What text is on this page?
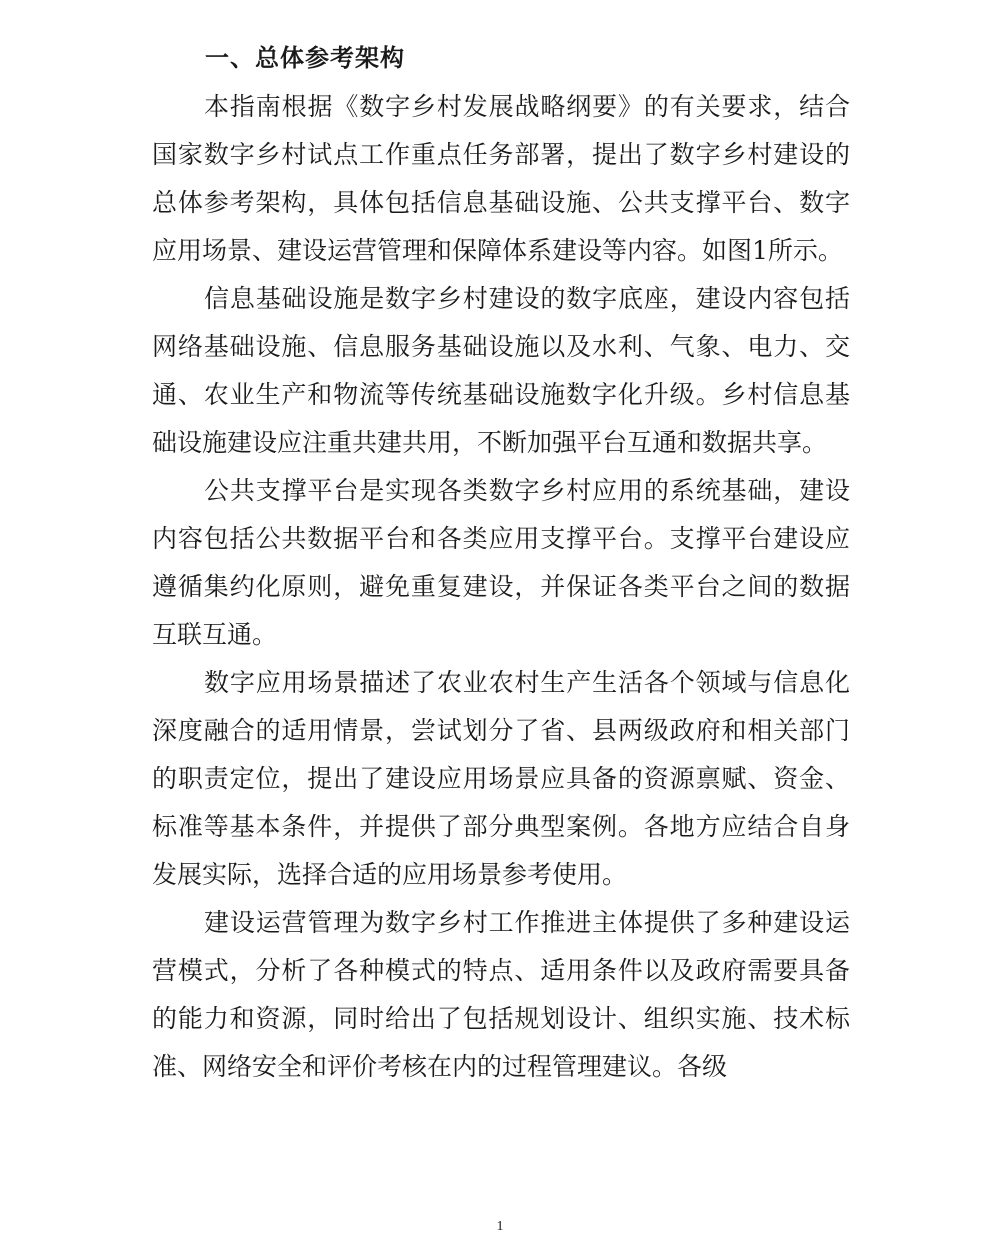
一、总体参考架构

本指南根据《数字乡村发展战略纲要》的有关要求，结合国家数字乡村试点工作重点任务部署，提出了数字乡村建设的总体参考架构，具体包括信息基础设施、公共支撑平台、数字应用场景、建设运营管理和保障体系建设等内容。如图1所示。

信息基础设施是数字乡村建设的数字底座，建设内容包括网络基础设施、信息服务基础设施以及水利、气象、电力、交通、农业生产和物流等传统基础设施数字化升级。乡村信息基础设施建设应注重共建共用，不断加强平台互通和数据共享。

公共支撑平台是实现各类数字乡村应用的系统基础，建设内容包括公共数据平台和各类应用支撑平台。支撑平台建设应遵循集约化原则，避免重复建设，并保证各类平台之间的数据互联互通。

数字应用场景描述了农业农村生产生活各个领域与信息化深度融合的适用情景，尝试划分了省、县两级政府和相关部门的职责定位，提出了建设应用场景应具备的资源禀赋、资金、标准等基本条件，并提供了部分典型案例。各地方应结合自身发展实际，选择合适的应用场景参考使用。

建设运营管理为数字乡村工作推进主体提供了多种建设运营模式，分析了各种模式的特点、适用条件以及政府需要具备的能力和资源，同时给出了包括规划设计、组织实施、技术标准、网络安全和评价考核在内的过程管理建议。各级

1
